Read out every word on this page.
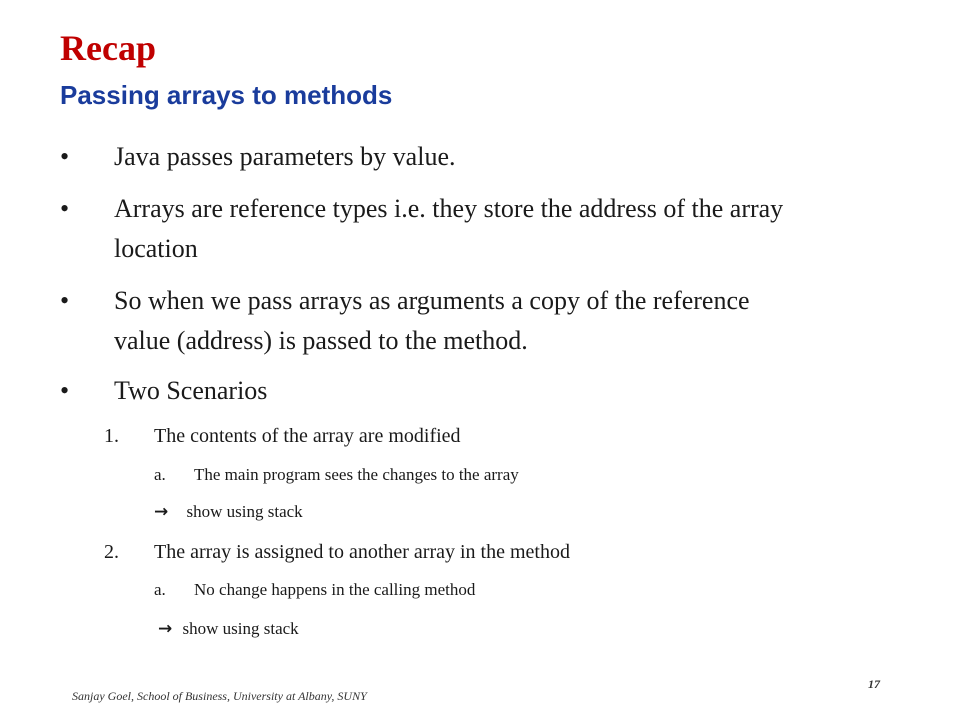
Recap
Passing arrays to methods
•	Java passes parameters by value.
•	Arrays are reference types i.e. they store the address of the array
location
•	So when we pass arrays as arguments a copy of the reference
value (address) is passed to the method.
•	Two Scenarios
1. The contents of the array are modified
a. The main program sees the changes to the array
→ show using stack
2. The array is assigned to another array in the method
a. No change happens in the calling method
→ show using stack
Sanjay Goel, School of Business, University at Albany, SUNY
17
